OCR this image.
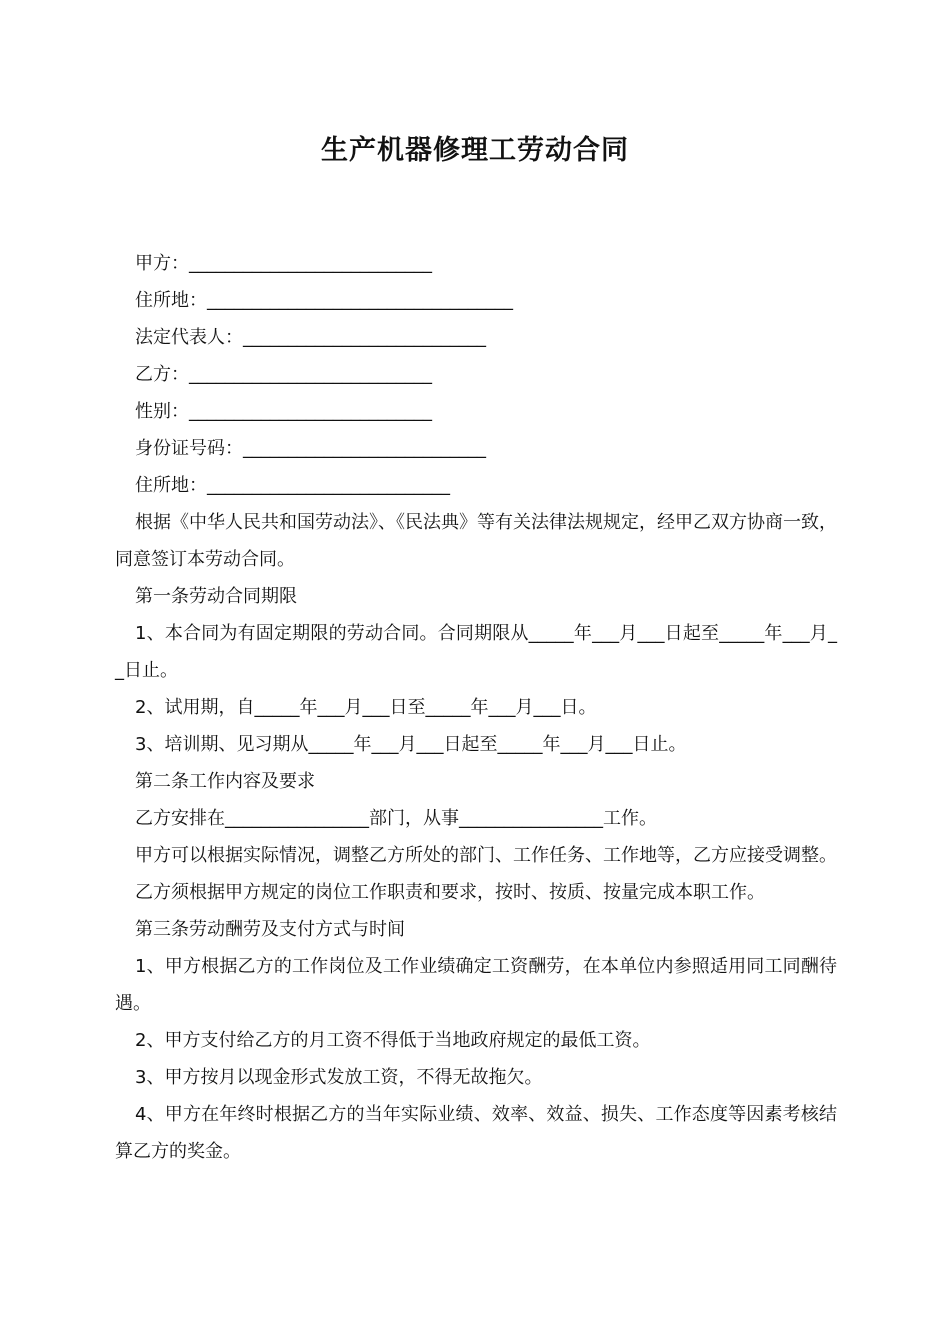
生产机器修理工劳动合同
甲方：___________________________
住所地：__________________________________
法定代表人：___________________________
乙方：___________________________
性别：___________________________
身份证号码：___________________________
住所地：___________________________
根据《中华人民共和国劳动法》、《民法典》等有关法律法规规定，经甲乙双方协商一致，同意签订本劳动合同。
第一条劳动合同期限
1、本合同为有固定期限的劳动合同。合同期限从_____年___月___日起至_____年___月__日止。
2、试用期，自_____年___月___日至_____年___月___日。
3、培训期、见习期从_____年___月___日起至_____年___月___日止。
第二条工作内容及要求
乙方安排在________________部门，从事________________工作。
甲方可以根据实际情况，调整乙方所处的部门、工作任务、工作地等，乙方应接受调整。
乙方须根据甲方规定的岗位工作职责和要求，按时、按质、按量完成本职工作。
第三条劳动酬劳及支付方式与时间
1、甲方根据乙方的工作岗位及工作业绩确定工资酬劳，在本单位内参照适用同工同酬待遇。
2、甲方支付给乙方的月工资不得低于当地政府规定的最低工资。
3、甲方按月以现金形式发放工资，不得无故拖欠。
4、甲方在年终时根据乙方的当年实际业绩、效率、效益、损失、工作态度等因素考核结算乙方的奖金。
